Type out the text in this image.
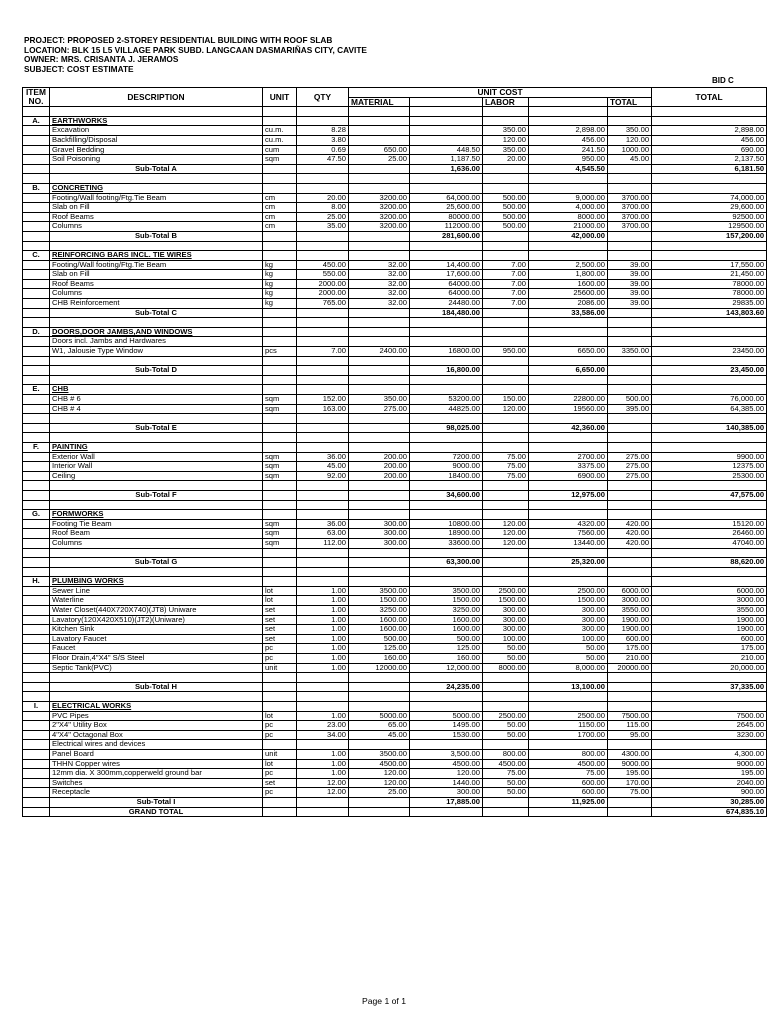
PROJECT: PROPOSED 2-STOREY RESIDENTIAL BUILDING WITH ROOF SLAB
LOCATION: BLK 15 L5 VILLAGE PARK SUBD. LANGCAAN DASMARIÑAS CITY, CAVITE
OWNER: MRS. CRISANTA J. JERAMOS
SUBJECT: COST ESTIMATE
BID C
ITEM
NO.	DESCRIPTION	UNIT	QTY	UNIT COST					TOTAL
				MATERIAL		LABOR		TOTAL	

A.	EARTHWORKS								
	Excavation	cu.m.	8.28			350.00	2,898.00	350.00	2,898.00
	Backfilling/Disposal	cu.m.	3.80			120.00	456.00	120.00	456.00
	Gravel Bedding	cum	0.69	650.00	448.50	350.00	241.50	1000.00	690.00
	Soil Poisoning	sqm	47.50	25.00	1,187.50	20.00	950.00	45.00	2,137.50
	Sub-Total A				1,636.00		4,545.50		6,181.50

B.	CONCRETING								
	Footing/Wall footing/Ftg.Tie Beam	cm	20.00	3200.00	64,000.00	500.00	9,000.00	3700.00	74,000.00
	Slab on Fill	cm	8.00	3200.00	25,600.00	500.00	4,000.00	3700.00	29,600.00
	Roof Beams	cm	25.00	3200.00	80000.00	500.00	8000.00	3700.00	92500.00
	Columns	cm	35.00	3200.00	112000.00	500.00	21000.00	3700.00	129500.00
	Sub-Total B				281,600.00		42,000.00		157,200.00

C.	REINFORCING BARS INCL. TIE WIRES								
	Footing/Wall footing/Ftg.Tie Beam	kg	450.00	32.00	14,400.00	7.00	2,500.00	39.00	17,550.00
	Slab on Fill	kg	550.00	32.00	17,600.00	7.00	1,800.00	39.00	21,450.00
	Roof Beams	kg	2000.00	32.00	64000.00	7.00	1600.00	39.00	78000.00
	Columns	kg	2000.00	32.00	64000.00	7.00	25600.00	39.00	78000.00
	CHB Reinforcement	kg	765.00	32.00	24480.00	7.00	2086.00	39.00	29835.00
	Sub-Total C				184,480.00		33,586.00		143,803.60

D.	DOORS,DOOR JAMBS,AND WINDOWS								
	Doors incl. Jambs and Hardwares								
	W1, Jalousie Type Window	pcs	7.00	2400.00	16800.00	950.00	6650.00	3350.00	23450.00

	Sub-Total D				16,800.00		6,650.00		23,450.00

E.	CHB								
	CHB # 6	sqm	152.00	350.00	53200.00	150.00	22800.00	500.00	76,000.00
	CHB # 4	sqm	163.00	275.00	44825.00	120.00	19560.00	395.00	64,385.00

	Sub-Total E				98,025.00		42,360.00		140,385.00

F.	PAINTING								
	Exterior Wall	sqm	36.00	200.00	7200.00	75.00	2700.00	275.00	9900.00
	Interior Wall	sqm	45.00	200.00	9000.00	75.00	3375.00	275.00	12375.00
	Ceiling	sqm	92.00	200.00	18400.00	75.00	6900.00	275.00	25300.00

	Sub-Total F				34,600.00		12,975.00		47,575.00

G.	FORMWORKS								
	Footing Tie Beam	sqm	36.00	300.00	10800.00	120.00	4320.00	420.00	15120.00
	Roof Beam	sqm	63.00	300.00	18900.00	120.00	7560.00	420.00	26460.00
	Columns	sqm	112.00	300.00	33600.00	120.00	13440.00	420.00	47040.00

	Sub-Total G				63,300.00		25,320.00		88,620.00

H.	PLUMBING WORKS								
	Sewer Line	lot	1.00	3500.00	3500.00	2500.00	2500.00	6000.00	6000.00
	Waterline	lot	1.00	1500.00	1500.00	1500.00	1500.00	3000.00	3000.00
	Water Closet(440X720X740)(JT8) Uniware	set	1.00	3250.00	3250.00	300.00	300.00	3550.00	3550.00
	Lavatory(120X420X510)(JT2)(Uniware)	set	1.00	1600.00	1600.00	300.00	300.00	1900.00	1900.00
	Kitchen Sink	set	1.00	1600.00	1600.00	300.00	300.00	1900.00	1900.00
	Lavatory Faucet	set	1.00	500.00	500.00	100.00	100.00	600.00	600.00
	Faucet	pc	1.00	125.00	125.00	50.00	50.00	175.00	175.00
	Floor Drain,4"X4" S/S Steel	pc	1.00	160.00	160.00	50.00	50.00	210.00	210.00
	Septic Tank(PVC)	unit	1.00	12000.00	12,000.00	8000.00	8,000.00	20000.00	20,000.00

	Sub-Total H				24,235.00		13,100.00		37,335.00

I.	ELECTRICAL WORKS								
	PVC Pipes	lot	1.00	5000.00	5000.00	2500.00	2500.00	7500.00	7500.00
	2"X4" Utility Box	pc	23.00	65.00	1495.00	50.00	1150.00	115.00	2645.00
	4"X4" Octagonal Box	pc	34.00	45.00	1530.00	50.00	1700.00	95.00	3230.00
	Electrical wires and devices								
	Panel Board	unit	1.00	3500.00	3,500.00	800.00	800.00	4300.00	4,300.00
	THHN Copper wires	lot	1.00	4500.00	4500.00	4500.00	4500.00	9000.00	9000.00
	12mm dia. X 300mm,copperweld ground bar	pc	1.00	120.00	120.00	75.00	75.00	195.00	195.00
	Switches	set	12.00	120.00	1440.00	50.00	600.00	170.00	2040.00
	Receptacle	pc	12.00	25.00	300.00	50.00	600.00	75.00	900.00
	Sub-Total I				17,885.00		11,925.00		30,285.00
	GRAND TOTAL								674,835.10
Page 1 of 1
